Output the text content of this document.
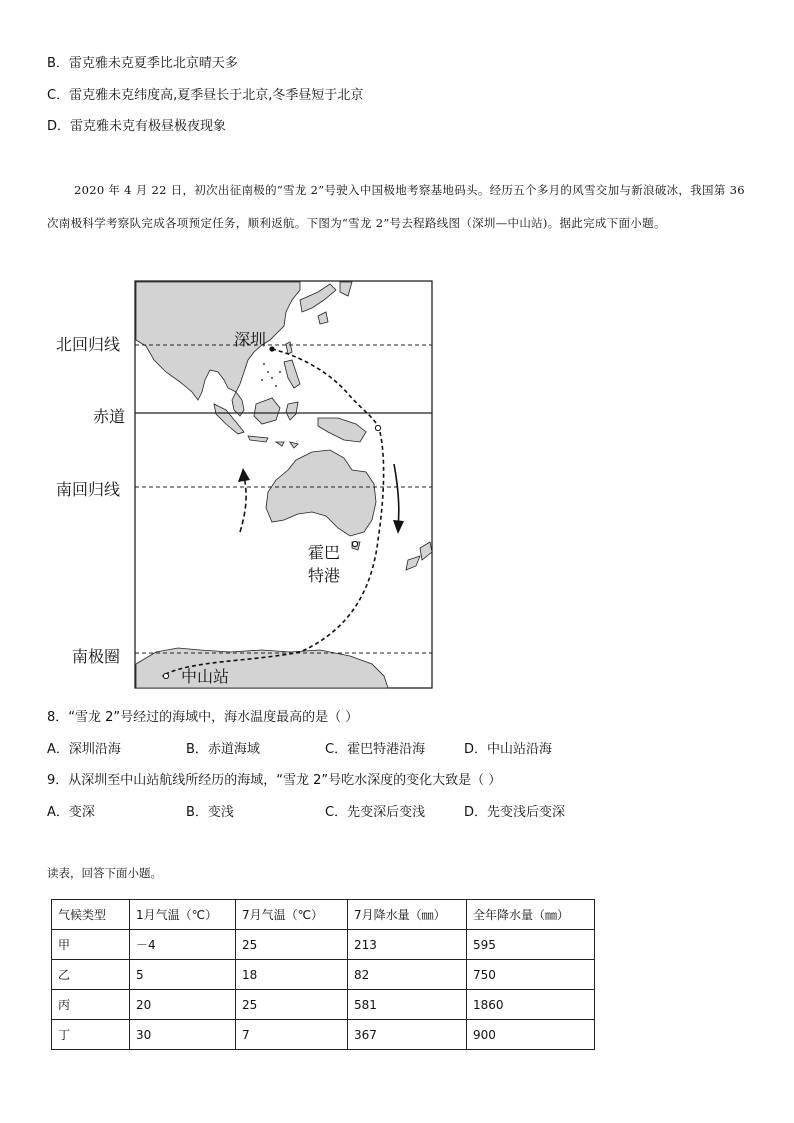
B．雷克雅未克夏季比北京晴天多
C．雷克雅未克纬度高,夏季昼长于北京,冬季昼短于北京
D．雷克雅未克有极昼极夜现象
2020 年 4 月 22 日，初次出征南极的“雪龙 2”号驶入中国极地考察基地码头。经历五个多月的风雪交加与新浪破冰，我国第 36 次南极科学考察队完成各项预定任务，顺利返航。下图为“雪龙 2”号去程路线图（深圳—中山站)。据此完成下面小题。
北回归线
赤道
南回归线
南极圈
深圳
霍巴
特港
中山站
8．“雪龙 2”号经过的海域中，海水温度最高的是（ ）
A．深圳沿海	B．赤道海域	C．霍巴特港沿海	D．中山站沿海
9．从深圳至中山站航线所经历的海域，“雪龙 2”号吃水深度的变化大致是（ ）
A．变深	B．变浅	C．先变深后变浅	D．先变浅后变深
读表，回答下面小题。
气候类型	1月气温（℃）	7月气温（℃）	7月降水量（㎜）	全年降水量（㎜）
甲	－4	25	213	595
乙	5	18	82	750
丙	20	25	581	1860
丁	30	7	367	900
